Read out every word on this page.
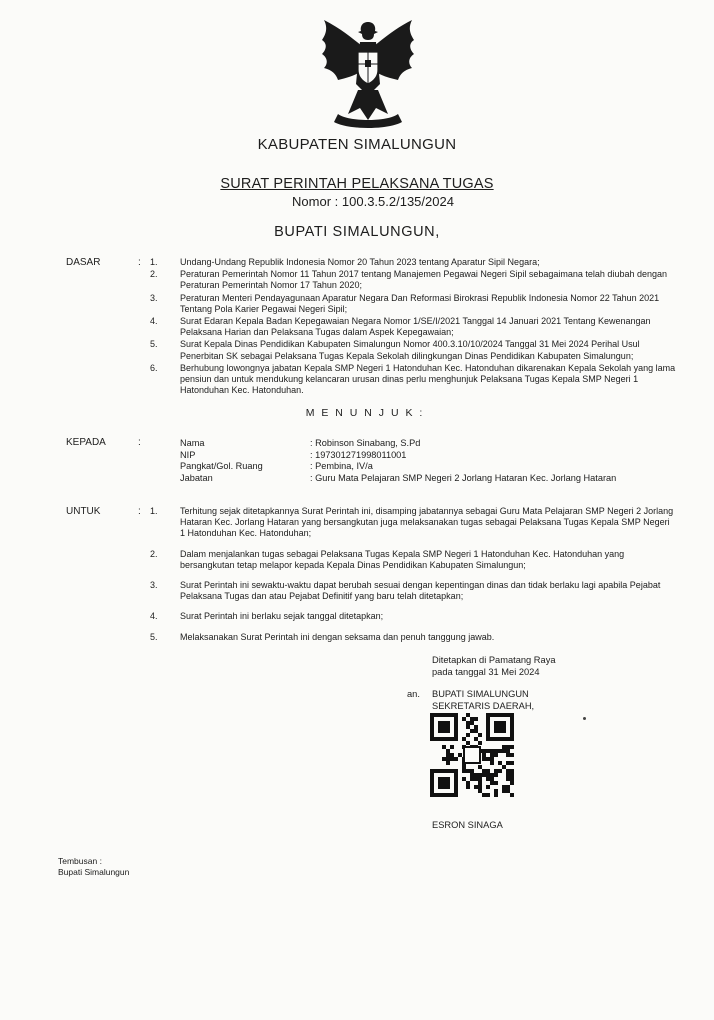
KABUPATEN SIMALUNGUN
SURAT PERINTAH PELAKSANA TUGAS
Nomor : 100.3.5.2/135/2024
BUPATI SIMALUNGUN,
DASAR	: 1. Undang-Undang Republik Indonesia Nomor 20 Tahun 2023 tentang Aparatur Sipil Negara;
2. Peraturan Pemerintah Nomor 11 Tahun 2017 tentang Manajemen Pegawai Negeri Sipil sebagaimana telah diubah dengan Peraturan Pemerintah Nomor 17 Tahun 2020;
3. Peraturan Menteri Pendayagunaan Aparatur Negara Dan Reformasi Birokrasi Republik Indonesia Nomor 22 Tahun 2021 Tentang Pola Karier Pegawai Negeri Sipil;
4. Surat Edaran Kepala Badan Kepegawaian Negara Nomor 1/SE/I/2021 Tanggal 14 Januari 2021 Tentang Kewenangan Pelaksana Harian dan Pelaksana Tugas dalam Aspek Kepegawaian;
5. Surat Kepala Dinas Pendidikan Kabupaten Simalungun Nomor 400.3.10/10/2024 Tanggal 31 Mei 2024 Perihal Usul Penerbitan SK sebagai Pelaksana Tugas Kepala Sekolah dilingkungan Dinas Pendidikan Kabupaten Simalungun;
6. Berhubung lowongnya jabatan Kepala SMP Negeri 1 Hatonduhan Kec. Hatonduhan dikarenakan Kepala Sekolah yang lama pensiun dan untuk mendukung kelancaran urusan dinas perlu menghunjuk Pelaksana Tugas Kepala SMP Negeri 1 Hatonduhan Kec. Hatonduhan.
M E N U N J U K :
KEPADA	:	Nama	: Robinson Sinabang, S.Pd
NIP	: 197301271998011001
Pangkat/Gol. Ruang	: Pembina, IV/a
Jabatan	: Guru Mata Pelajaran SMP Negeri 2 Jorlang Hataran Kec. Jorlang Hataran
UNTUK	: 1. Terhitung sejak ditetapkannya Surat Perintah ini, disamping jabatannya sebagai Guru Mata Pelajaran SMP Negeri 2 Jorlang Hataran Kec. Jorlang Hataran yang bersangkutan juga melaksanakan tugas sebagai Pelaksana Tugas Kepala SMP Negeri 1 Hatonduhan Kec. Hatonduhan;
2. Dalam menjalankan tugas sebagai Pelaksana Tugas Kepala SMP Negeri 1 Hatonduhan Kec. Hatonduhan yang bersangkutan tetap melapor kepada Kepala Dinas Pendidikan Kabupaten Simalungun;
3. Surat Perintah ini sewaktu-waktu dapat berubah sesuai dengan kepentingan dinas dan tidak berlaku lagi apabila Pejabat Pelaksana Tugas dan atau Pejabat Definitif yang baru telah ditetapkan;
4. Surat Perintah ini berlaku sejak tanggal ditetapkan;
5. Melaksanakan Surat Perintah ini dengan seksama dan penuh tanggung jawab.
Ditetapkan di Pamatang Raya
pada tanggal 31 Mei 2024
an. BUPATI SIMALUNGUN
SEKRETARIS DAERAH,
ESRON SINAGA
Tembusan :
Bupati Simalungun
